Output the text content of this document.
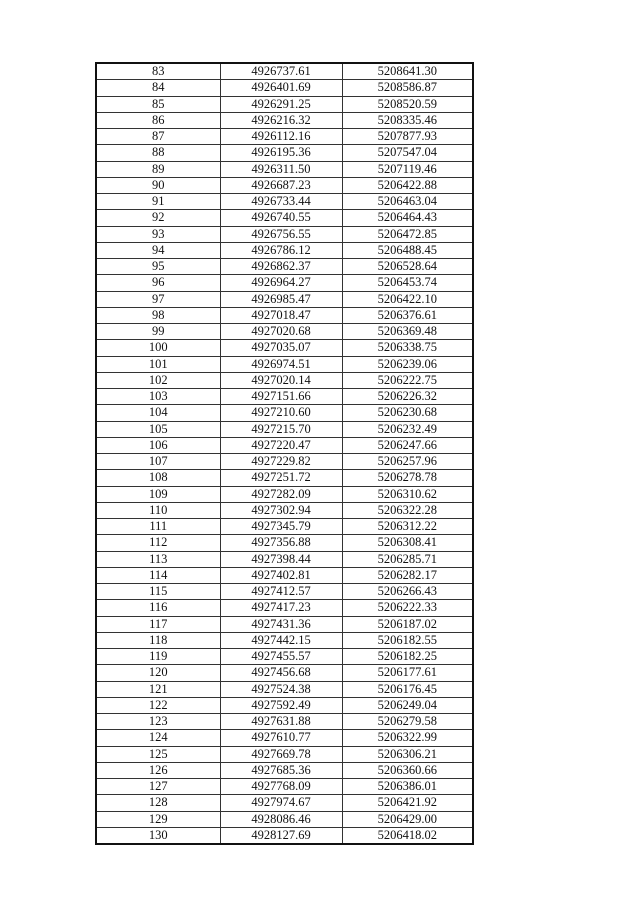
83	4926737.61	5208641.30
84	4926401.69	5208586.87
85	4926291.25	5208520.59
86	4926216.32	5208335.46
87	4926112.16	5207877.93
88	4926195.36	5207547.04
89	4926311.50	5207119.46
90	4926687.23	5206422.88
91	4926733.44	5206463.04
92	4926740.55	5206464.43
93	4926756.55	5206472.85
94	4926786.12	5206488.45
95	4926862.37	5206528.64
96	4926964.27	5206453.74
97	4926985.47	5206422.10
98	4927018.47	5206376.61
99	4927020.68	5206369.48
100	4927035.07	5206338.75
101	4926974.51	5206239.06
102	4927020.14	5206222.75
103	4927151.66	5206226.32
104	4927210.60	5206230.68
105	4927215.70	5206232.49
106	4927220.47	5206247.66
107	4927229.82	5206257.96
108	4927251.72	5206278.78
109	4927282.09	5206310.62
110	4927302.94	5206322.28
111	4927345.79	5206312.22
112	4927356.88	5206308.41
113	4927398.44	5206285.71
114	4927402.81	5206282.17
115	4927412.57	5206266.43
116	4927417.23	5206222.33
117	4927431.36	5206187.02
118	4927442.15	5206182.55
119	4927455.57	5206182.25
120	4927456.68	5206177.61
121	4927524.38	5206176.45
122	4927592.49	5206249.04
123	4927631.88	5206279.58
124	4927610.77	5206322.99
125	4927669.78	5206306.21
126	4927685.36	5206360.66
127	4927768.09	5206386.01
128	4927974.67	5206421.92
129	4928086.46	5206429.00
130	4928127.69	5206418.02
